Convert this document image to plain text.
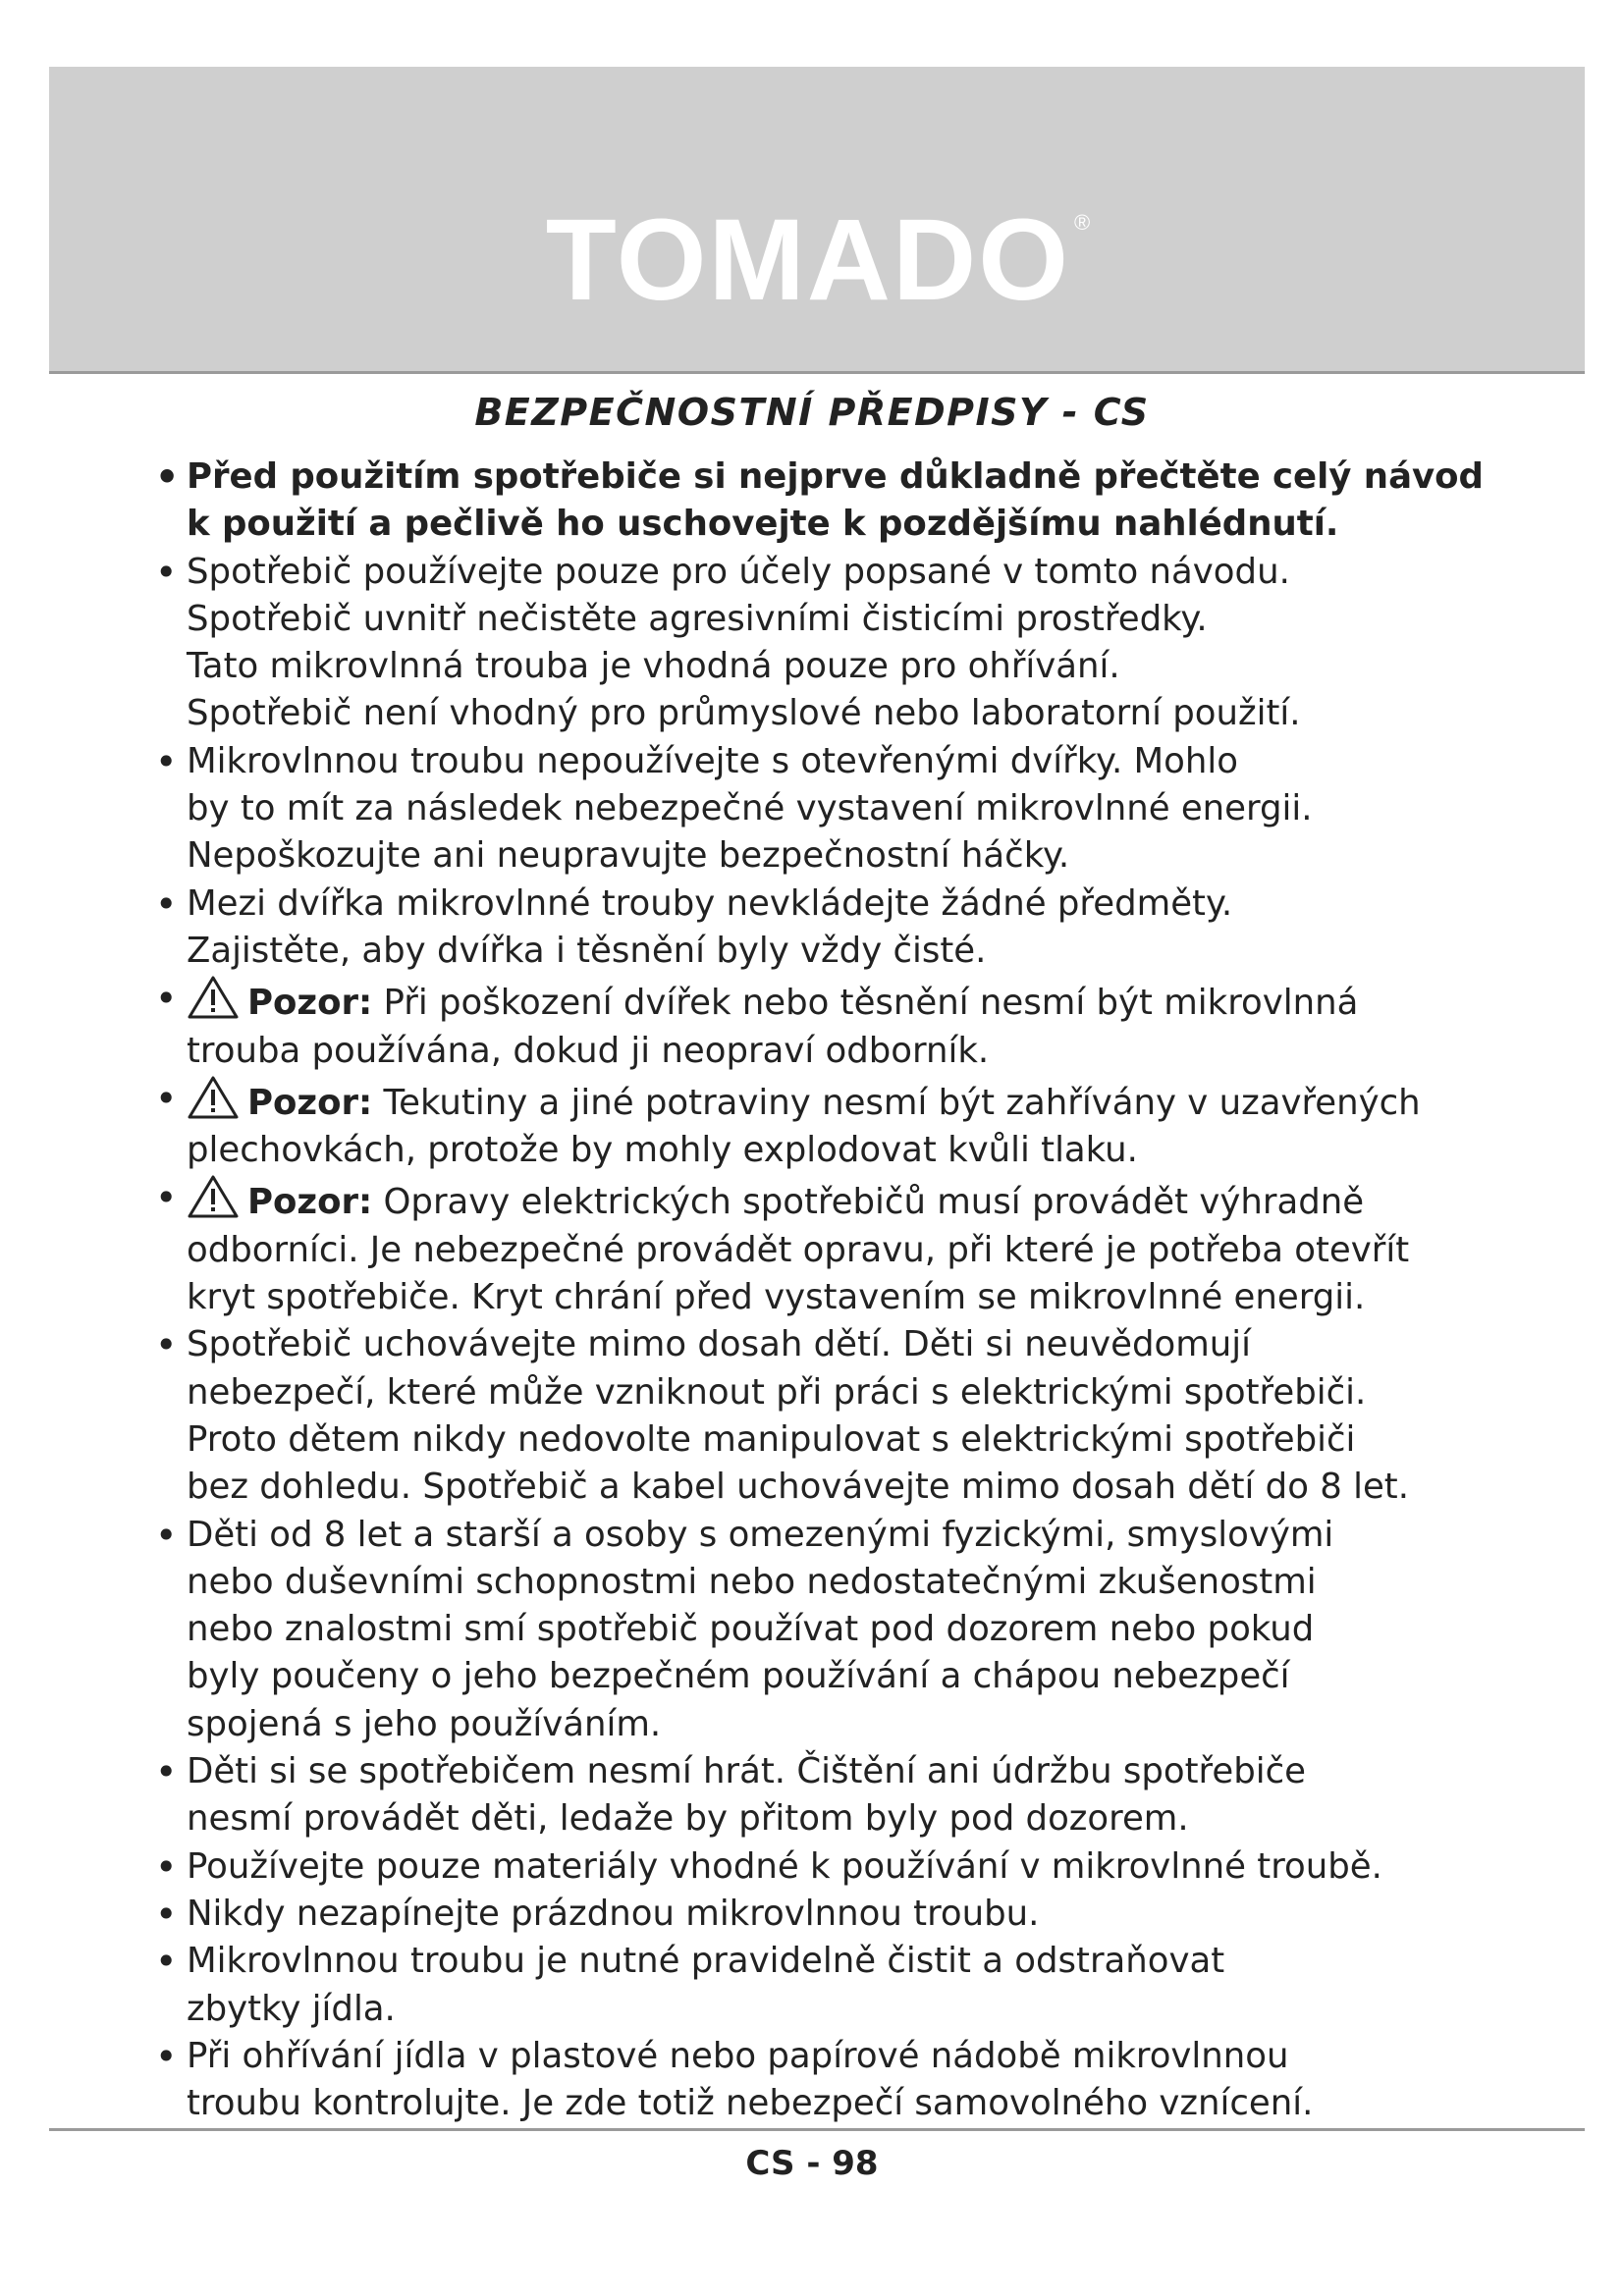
TOMADO ®
BEZPEČNOSTNÍ PŘEDPISY - CS
• Před použitím spotřebiče si nejprve důkladně přečtěte celý návod
k použití a pečlivě ho uschovejte k pozdějšímu nahlédnutí.
• Spotřebič používejte pouze pro účely popsané v tomto návodu.
Spotřebič uvnitř nečistěte agresivními čisticími prostředky.
Tato mikrovlnná trouba je vhodná pouze pro ohřívání.
Spotřebič není vhodný pro průmyslové nebo laboratorní použití.
• Mikrovlnnou troubu nepoužívejte s otevřenými dvířky. Mohlo
by to mít za následek nebezpečné vystavení mikrovlnné energii.
Nepoškozujte ani neupravujte bezpečnostní háčky.
• Mezi dvířka mikrovlnné trouby nevkládejte žádné předměty.
Zajistěte, aby dvířka i těsnění byly vždy čisté.
• Pozor: Při poškození dvířek nebo těsnění nesmí být mikrovlnná
trouba používána, dokud ji neopraví odborník.
• Pozor: Tekutiny a jiné potraviny nesmí být zahřívány v uzavřených
plechovkách, protože by mohly explodovat kvůli tlaku.
• Pozor: Opravy elektrických spotřebičů musí provádět výhradně
odborníci. Je nebezpečné provádět opravu, při které je potřeba otevřít
kryt spotřebiče. Kryt chrání před vystavením se mikrovlnné energii.
• Spotřebič uchovávejte mimo dosah dětí. Děti si neuvědomují
nebezpečí, které může vzniknout při práci s elektrickými spotřebiči.
Proto dětem nikdy nedovolte manipulovat s elektrickými spotřebiči
bez dohledu. Spotřebič a kabel uchovávejte mimo dosah dětí do 8 let.
• Děti od 8 let a starší a osoby s omezenými fyzickými, smyslovými
nebo duševními schopnostmi nebo nedostatečnými zkušenostmi
nebo znalostmi smí spotřebič používat pod dozorem nebo pokud
byly poučeny o jeho bezpečném používání a chápou nebezpečí
spojená s jeho používáním.
• Děti si se spotřebičem nesmí hrát. Čištění ani údržbu spotřebiče
nesmí provádět děti, ledaže by přitom byly pod dozorem.
• Používejte pouze materiály vhodné k používání v mikrovlnné troubě.
• Nikdy nezapínejte prázdnou mikrovlnnou troubu.
• Mikrovlnnou troubu je nutné pravidelně čistit a odstraňovat
zbytky jídla.
• Při ohřívání jídla v plastové nebo papírové nádobě mikrovlnnou
troubu kontrolujte. Je zde totiž nebezpečí samovolného vznícení.
CS - 98
